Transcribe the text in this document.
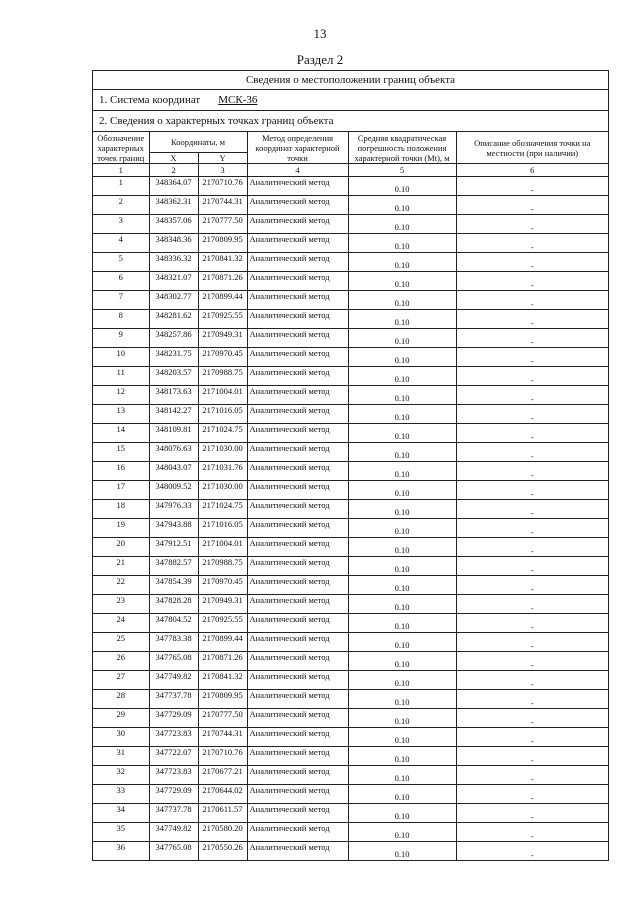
13
Раздел 2
Сведения о местоположении границ объекта
1. Система координат МСК-36
2. Сведения о характерных точках границ объекта
Обозначение характерных точек границ	Координаты, м		Метод определения координат характерной точки	Средняя квадратическая погрешность положения характерной точки (Mt), м	Описание обозначения точки на местности (при наличии)
	X	Y			
1	2	3	4	5	6
1	348364.07	2170710.76	Аналитический метод	0.10	-
2	348362.31	2170744.31	Аналитический метод	0.10	-
3	348357.06	2170777.50	Аналитический метод	0.10	-
4	348348.36	2170809.95	Аналитический метод	0.10	-
5	348336.32	2170841.32	Аналитический метод	0.10	-
6	348321.07	2170871.26	Аналитический метод	0.10	-
7	348302.77	2170899.44	Аналитический метод	0.10	-
8	348281.62	2170925.55	Аналитический метод	0.10	-
9	348257.86	2170949.31	Аналитический метод	0.10	-
10	348231.75	2170970.45	Аналитический метод	0.10	-
11	348203.57	2170988.75	Аналитический метод	0.10	-
12	348173.63	2171004.01	Аналитический метод	0.10	-
13	348142.27	2171016.05	Аналитический метод	0.10	-
14	348109.81	2171024.75	Аналитический метод	0.10	-
15	348076.63	2171030.00	Аналитический метод	0.10	-
16	348043.07	2171031.76	Аналитический метод	0.10	-
17	348009.52	2171030.00	Аналитический метод	0.10	-
18	347976.33	2171024.75	Аналитический метод	0.10	-
19	347943.88	2171016.05	Аналитический метод	0.10	-
20	347912.51	2171004.01	Аналитический метод	0.10	-
21	347882.57	2170988.75	Аналитический метод	0.10	-
22	347854.39	2170970.45	Аналитический метод	0.10	-
23	347828.28	2170949.31	Аналитический метод	0.10	-
24	347804.52	2170925.55	Аналитический метод	0.10	-
25	347783.38	2170899.44	Аналитический метод	0.10	-
26	347765.08	2170871.26	Аналитический метод	0.10	-
27	347749.82	2170841.32	Аналитический метод	0.10	-
28	347737.78	2170809.95	Аналитический метод	0.10	-
29	347729.09	2170777.50	Аналитический метод	0.10	-
30	347723.83	2170744.31	Аналитический метод	0.10	-
31	347722.07	2170710.76	Аналитический метод	0.10	-
32	347723.83	2170677.21	Аналитический метод	0.10	-
33	347729.09	2170644.02	Аналитический метод	0.10	-
34	347737.78	2170611.57	Аналитический метод	0.10	-
35	347749.82	2170580.20	Аналитический метод	0.10	-
36	347765.08	2170550.26	Аналитический метод	0.10	-
